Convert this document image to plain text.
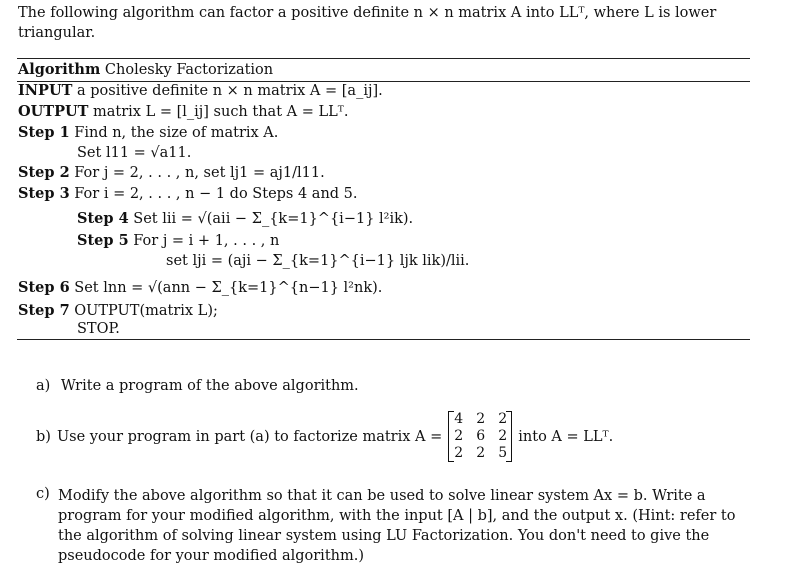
The following algorithm can factor a positive definite n × n matrix A into LLᵀ, where L is lower triangular.
Algorithm Cholesky Factorization
INPUT a positive definite n × n matrix A = [a_ij].
OUTPUT matrix L = [l_ij] such that A = LLᵀ.
Step 1 Find n, the size of matrix A.
Set l11 = √a11.
Step 2 For j = 2, . . . , n, set lj1 = aj1/l11.
Step 3 For i = 2, . . . , n − 1 do Steps 4 and 5.
Step 4 Set lii = √(aii − Σ_{k=1}^{i−1} l²ik).
Step 5 For j = i + 1, . . . , n
set lji = (aji − Σ_{k=1}^{i−1} ljk lik)/lii.
Step 6 Set lnn = √(ann − Σ_{k=1}^{n−1} l²nk).
Step 7 OUTPUT(matrix L);
STOP.
a) Write a program of the above algorithm.
b) Use your program in part (a) to factorize matrix A =
4 2 2
2 6 2
2 2 5
into A = LLᵀ.
c) Modify the above algorithm so that it can be used to solve linear system Ax = b. Write a program for your modified algorithm, with the input [A | b], and the output x. (Hint: refer to the algorithm of solving linear system using LU Factorization. You don't need to give the pseudocode for your modified algorithm.)
